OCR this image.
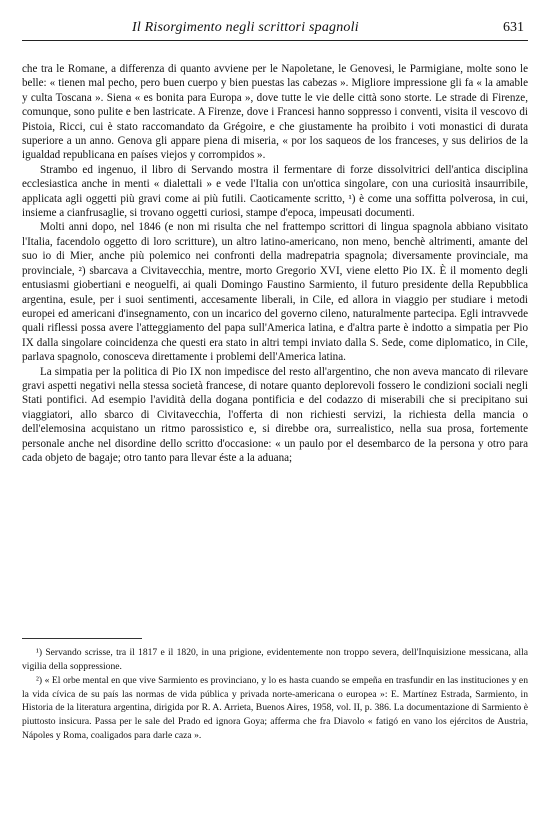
Il Risorgimento negli scrittori spagnoli	631

che tra le Romane, a differenza di quanto avviene per le Napoletane, le Genovesi, le Parmigiane, molte sono le belle: « tienen mal pecho, pero buen cuerpo y bien puestas las cabezas ». Migliore impressione gli fa « la amable y culta Toscana ». Siena « es bonita para Europa », dove tutte le vie delle città sono storte. Le strade di Firenze, comunque, sono pulite e ben lastricate. A Firenze, dove i Francesi hanno soppresso i conventi, visita il vescovo di Pistoia, Ricci, cui è stato raccomandato da Grégoire, e che giustamente ha proibito i voti monastici di durata superiore a un anno. Genova gli appare piena di miseria, « por los saqueos de los franceses, y sus delirios de la igualdad republicana en países viejos y corrompidos ».

Strambo ed ingenuo, il libro di Servando mostra il fermentare di forze dissolvitrici dell'antica disciplina ecclesiastica anche in menti « dialettali » e vede l'Italia con un'ottica singolare, con una curiosità insaurribile, applicata agli oggetti più gravi come ai più futili. Caoticamente scritto, ¹) è come una soffitta polverosa, in cui, insieme a cianfrusaglie, si trovano oggetti curiosi, stampe d'epoca, impeusati documenti.

Molti anni dopo, nel 1846 (e non mi risulta che nel frattempo scrittori di lingua spagnola abbiano visitato l'Italia, facendolo oggetto di loro scritture), un altro latino-americano, non meno, benchè altrimenti, amante del suo io di Mier, anche più polemico nei confronti della madrepatria spagnola; diversamente provinciale, ma provinciale, ²) sbarcava a Civitavecchia, mentre, morto Gregorio XVI, viene eletto Pio IX. È il momento degli entusiasmi giobertiani e neoguelfi, ai quali Domingo Faustino Sarmiento, il futuro presidente della Repubblica argentina, esule, per i suoi sentimenti, accesamente liberali, in Cile, ed allora in viaggio per studiare i metodi europei ed americani d'insegnamento, con un incarico del governo cileno, naturalmente partecipa. Egli intravvede quali riflessi possa avere l'atteggiamento del papa sull'America latina, e d'altra parte è indotto a simpatia per Pio IX dalla singolare coincidenza che questi era stato in altri tempi inviato dalla S. Sede, come diplomatico, in Cile, parlava spagnolo, conosceva direttamente i problemi dell'America latina.

La simpatia per la politica di Pio IX non impedisce del resto all'argentino, che non aveva mancato di rilevare gravi aspetti negativi nella stessa società francese, di notare quanto deplorevoli fossero le condizioni sociali negli Stati pontifici. Ad esempio l'avidità della dogana pontificia e del codazzo di miserabili che si precipitano sui viaggiatori, allo sbarco di Civitavecchia, l'offerta di non richiesti servizi, la richiesta della mancia o dell'elemosina acquistano un ritmo parossistico e, si direbbe ora, surrealistico, nella sua prosa, fortemente personale anche nel disordine dello scritto d'occasione: « un paulo por el desembarco de la persona y otro para cada objeto de bagaje; otro tanto para llevar éste a la aduana;

¹) Servando scrisse, tra il 1817 e il 1820, in una prigione, evidentemente non troppo severa, dell'Inquisizione messicana, alla vigilia della soppressione.

²) « El orbe mental en que vive Sarmiento es provinciano, y lo es hasta cuando se empeña en trasfundir en las instituciones y en la vida cívica de su país las normas de vida pública y privada norte-americana o europea »: E. Martínez Estrada, Sarmiento, in Historia de la literatura argentina, dirigida por R. A. Arrieta, Buenos Aires, 1958, vol. II, p. 386. La documentazione di Sarmiento è piuttosto insicura. Passa per le sale del Prado ed ignora Goya; afferma che fra Diavolo « fatigó en vano los ejércitos de Austria, Nápoles y Roma, coaligados para darle caza ».
